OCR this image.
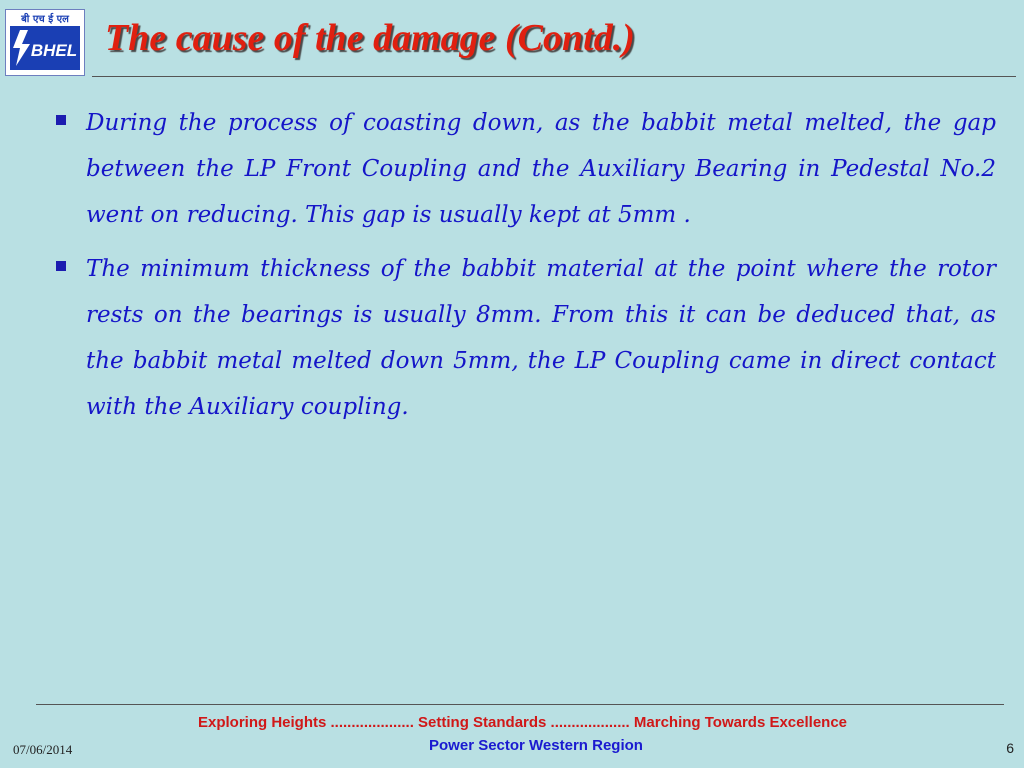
बी एच ई एल
BHEL The cause of the damage (Contd.)
During the process of coasting down, as the babbit metal melted, the gap between the LP Front Coupling and the Auxiliary Bearing in Pedestal No.2 went on reducing. This gap is usually kept at 5mm .
The minimum thickness of the babbit material at the point where the rotor rests on the bearings is usually 8mm. From this it can be deduced that, as the babbit metal melted down 5mm, the LP Coupling came in direct contact with the Auxiliary coupling.
Exploring Heights .................... Setting Standards ................... Marching Towards Excellence
Power Sector Western Region
07/06/2014	6
